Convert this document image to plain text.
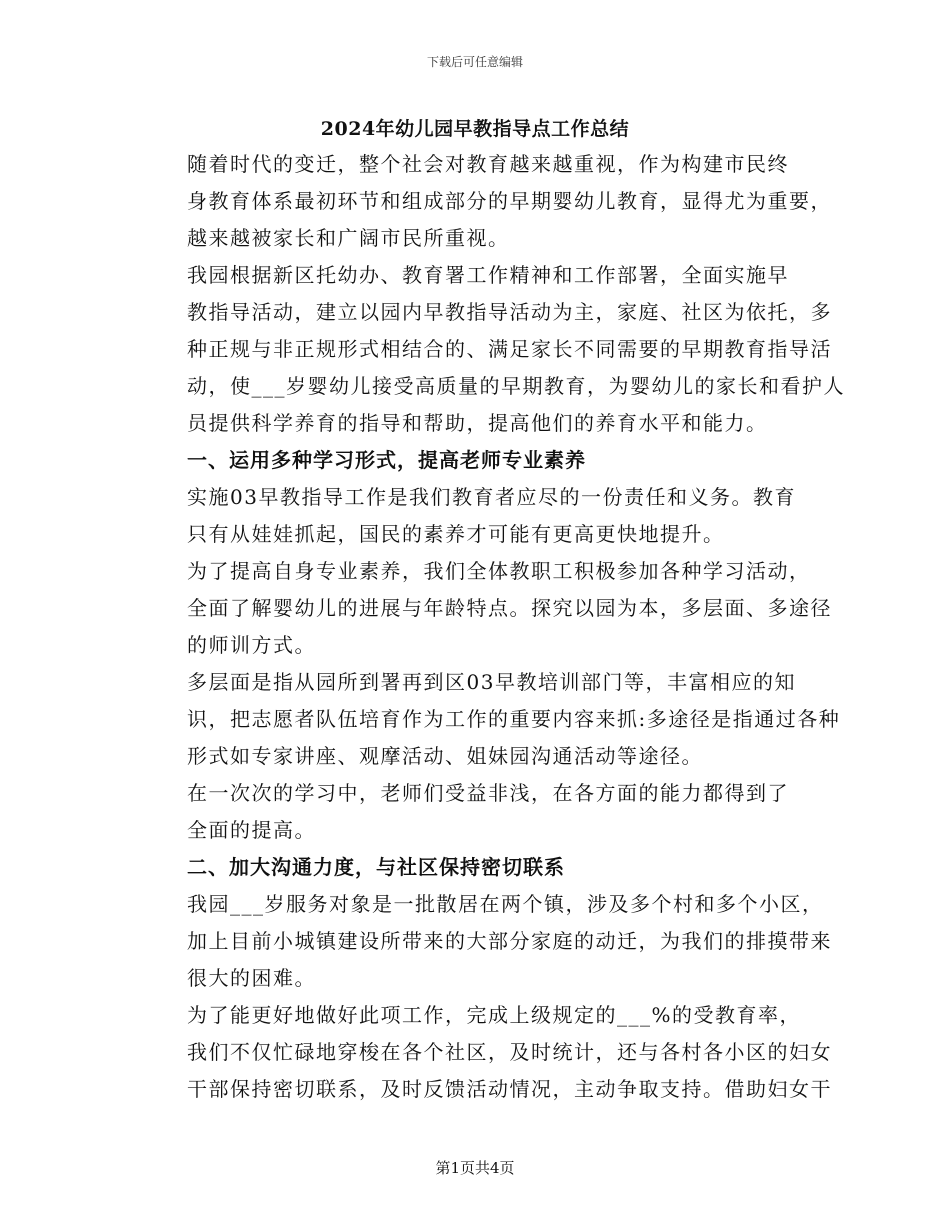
下载后可任意编辑
2024年幼儿园早教指导点工作总结

随着时代的变迁，整个社会对教育越来越重视，作为构建市民终
身教育体系最初环节和组成部分的早期婴幼儿教育，显得尤为重要，
越来越被家长和广阔市民所重视。

我园根据新区托幼办、教育署工作精神和工作部署，全面实施早
教指导活动，建立以园内早教指导活动为主，家庭、社区为依托，多
种正规与非正规形式相结合的、满足家长不同需要的早期教育指导活
动，使___岁婴幼儿接受高质量的早期教育，为婴幼儿的家长和看护人
员提供科学养育的指导和帮助，提高他们的养育水平和能力。

一、运用多种学习形式，提高老师专业素养

实施03早教指导工作是我们教育者应尽的一份责任和义务。教育
只有从娃娃抓起，国民的素养才可能有更高更快地提升。

为了提高自身专业素养，我们全体教职工积极参加各种学习活动，
全面了解婴幼儿的进展与年龄特点。探究以园为本，多层面、多途径
的师训方式。

多层面是指从园所到署再到区03早教培训部门等，丰富相应的知
识，把志愿者队伍培育作为工作的重要内容来抓:多途径是指通过各种
形式如专家讲座、观摩活动、姐妹园沟通活动等途径。

在一次次的学习中，老师们受益非浅，在各方面的能力都得到了
全面的提高。

二、加大沟通力度，与社区保持密切联系

我园___岁服务对象是一批散居在两个镇，涉及多个村和多个小区，
加上目前小城镇建设所带来的大部分家庭的动迁，为我们的排摸带来
很大的困难。

为了能更好地做好此项工作，完成上级规定的___%的受教育率，
我们不仅忙碌地穿梭在各个社区，及时统计，还与各村各小区的妇女
干部保持密切联系，及时反馈活动情况，主动争取支持。借助妇女干

第1页共4页
